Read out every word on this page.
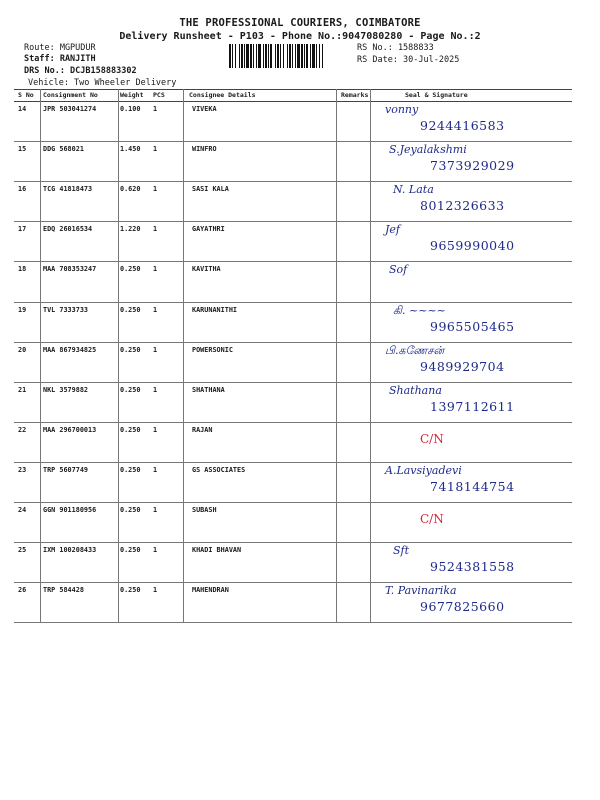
THE PROFESSIONAL COURIERS, COIMBATORE
Delivery Runsheet - P103 - Phone No.:9047080280 - Page No.:2
Route: MGPUDUR
Staff: RANJITH
DRS No.: DCJB158883302
Vehicle: Two Wheeler Delivery
RS No.: 1588833
RS Date: 30-Jul-2025
S No Consignment No	Weight PCS	Consignee Details	Remarks	Seal & Signature
14 JPR 503041274	0.100 1	VIVEKA	vonny
9244416583
15 DDG 568021	1.450 1	WINFRO	S.Jeyalakshmi
7373929029
16 TCG 41818473	0.620 1	SASI KALA	N. Lata
8012326633
17 EDQ 26016534	1.220 1	GAYATHRI	Jef
9659990040
18 MAA 708353247	0.250 1	KAVITHA	Sof
19 TVL 7333733	0.250 1	KARUNANITHI	கி. ~~~~
9965505465
20 MAA 867934825	0.250 1	POWERSONIC	பி.கணேசன்
9489929704
21 NKL 3579882	0.250 1	SHATHANA	Shathana
1397112611
22 MAA 296700013	0.250 1	RAJAN
C/N
23 TRP 5607749	0.250 1	GS ASSOCIATES	A.Lavsiyadevi
7418144754
24 GGN 901180956	0.250 1	SUBASH
C/N
25 IXM 100208433	0.250 1	KHADI BHAVAN	Sft
9524381558
26 TRP 584428	0.250 1	MAHENDRAN	T. Pavinarika
9677825660
